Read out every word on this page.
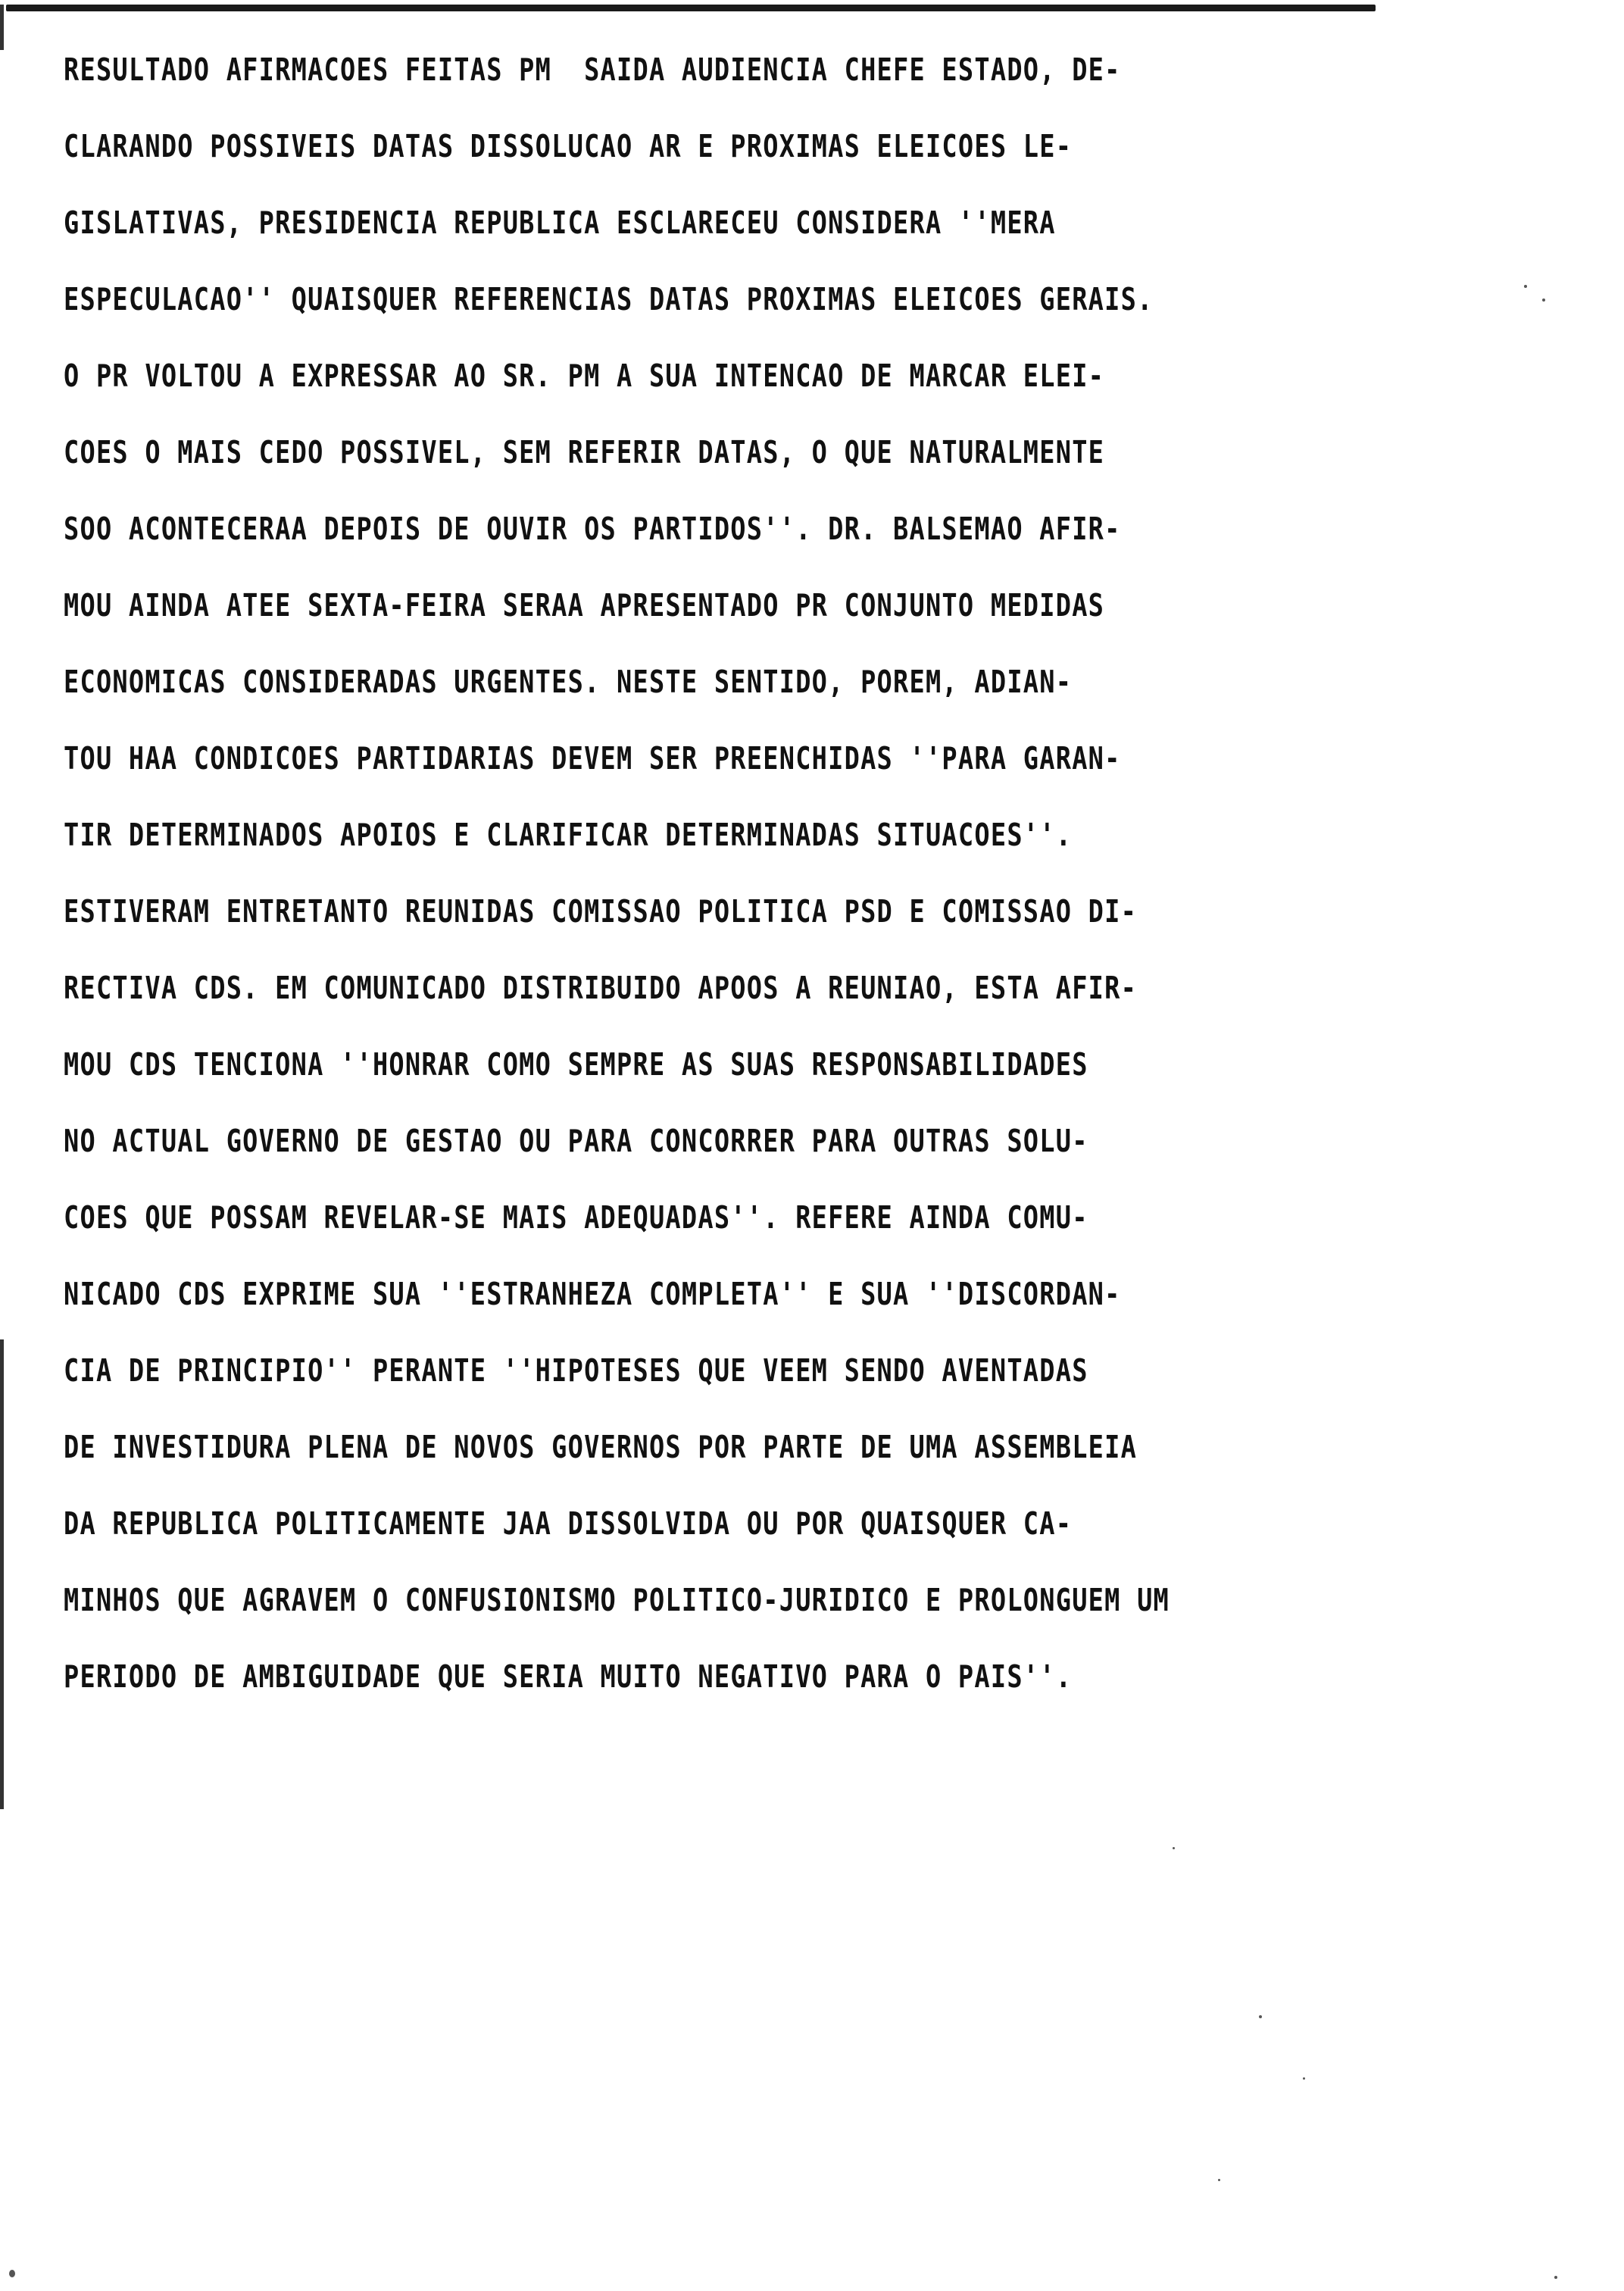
RESULTADO AFIRMACOES FEITAS PM  SAIDA AUDIENCIA CHEFE ESTADO, DE-
CLARANDO POSSIVEIS DATAS DISSOLUCAO AR E PROXIMAS ELEICOES LE-
GISLATIVAS, PRESIDENCIA REPUBLICA ESCLARECEU CONSIDERA ''MERA
ESPECULACAO'' QUAISQUER REFERENCIAS DATAS PROXIMAS ELEICOES GERAIS.
O PR VOLTOU A EXPRESSAR AO SR. PM A SUA INTENCAO DE MARCAR ELEI-
COES O MAIS CEDO POSSIVEL, SEM REFERIR DATAS, O QUE NATURALMENTE
SOO ACONTECERAA DEPOIS DE OUVIR OS PARTIDOS''. DR. BALSEMAO AFIR-
MOU AINDA ATEE SEXTA-FEIRA SERAA APRESENTADO PR CONJUNTO MEDIDAS
ECONOMICAS CONSIDERADAS URGENTES. NESTE SENTIDO, POREM, ADIAN-
TOU HAA CONDICOES PARTIDARIAS DEVEM SER PREENCHIDAS ''PARA GARAN-
TIR DETERMINADOS APOIOS E CLARIFICAR DETERMINADAS SITUACOES''.
ESTIVERAM ENTRETANTO REUNIDAS COMISSAO POLITICA PSD E COMISSAO DI-
RECTIVA CDS. EM COMUNICADO DISTRIBUIDO APOOS A REUNIAO, ESTA AFIR-
MOU CDS TENCIONA ''HONRAR COMO SEMPRE AS SUAS RESPONSABILIDADES
NO ACTUAL GOVERNO DE GESTAO OU PARA CONCORRER PARA OUTRAS SOLU-
COES QUE POSSAM REVELAR-SE MAIS ADEQUADAS''. REFERE AINDA COMU-
NICADO CDS EXPRIME SUA ''ESTRANHEZA COMPLETA'' E SUA ''DISCORDAN-
CIA DE PRINCIPIO'' PERANTE ''HIPOTESES QUE VEEM SENDO AVENTADAS
DE INVESTIDURA PLENA DE NOVOS GOVERNOS POR PARTE DE UMA ASSEMBLEIA
DA REPUBLICA POLITICAMENTE JAA DISSOLVIDA OU POR QUAISQUER CA-
MINHOS QUE AGRAVEM O CONFUSIONISMO POLITICO-JURIDICO E PROLONGUEM UM
PERIODO DE AMBIGUIDADE QUE SERIA MUITO NEGATIVO PARA O PAIS''.
